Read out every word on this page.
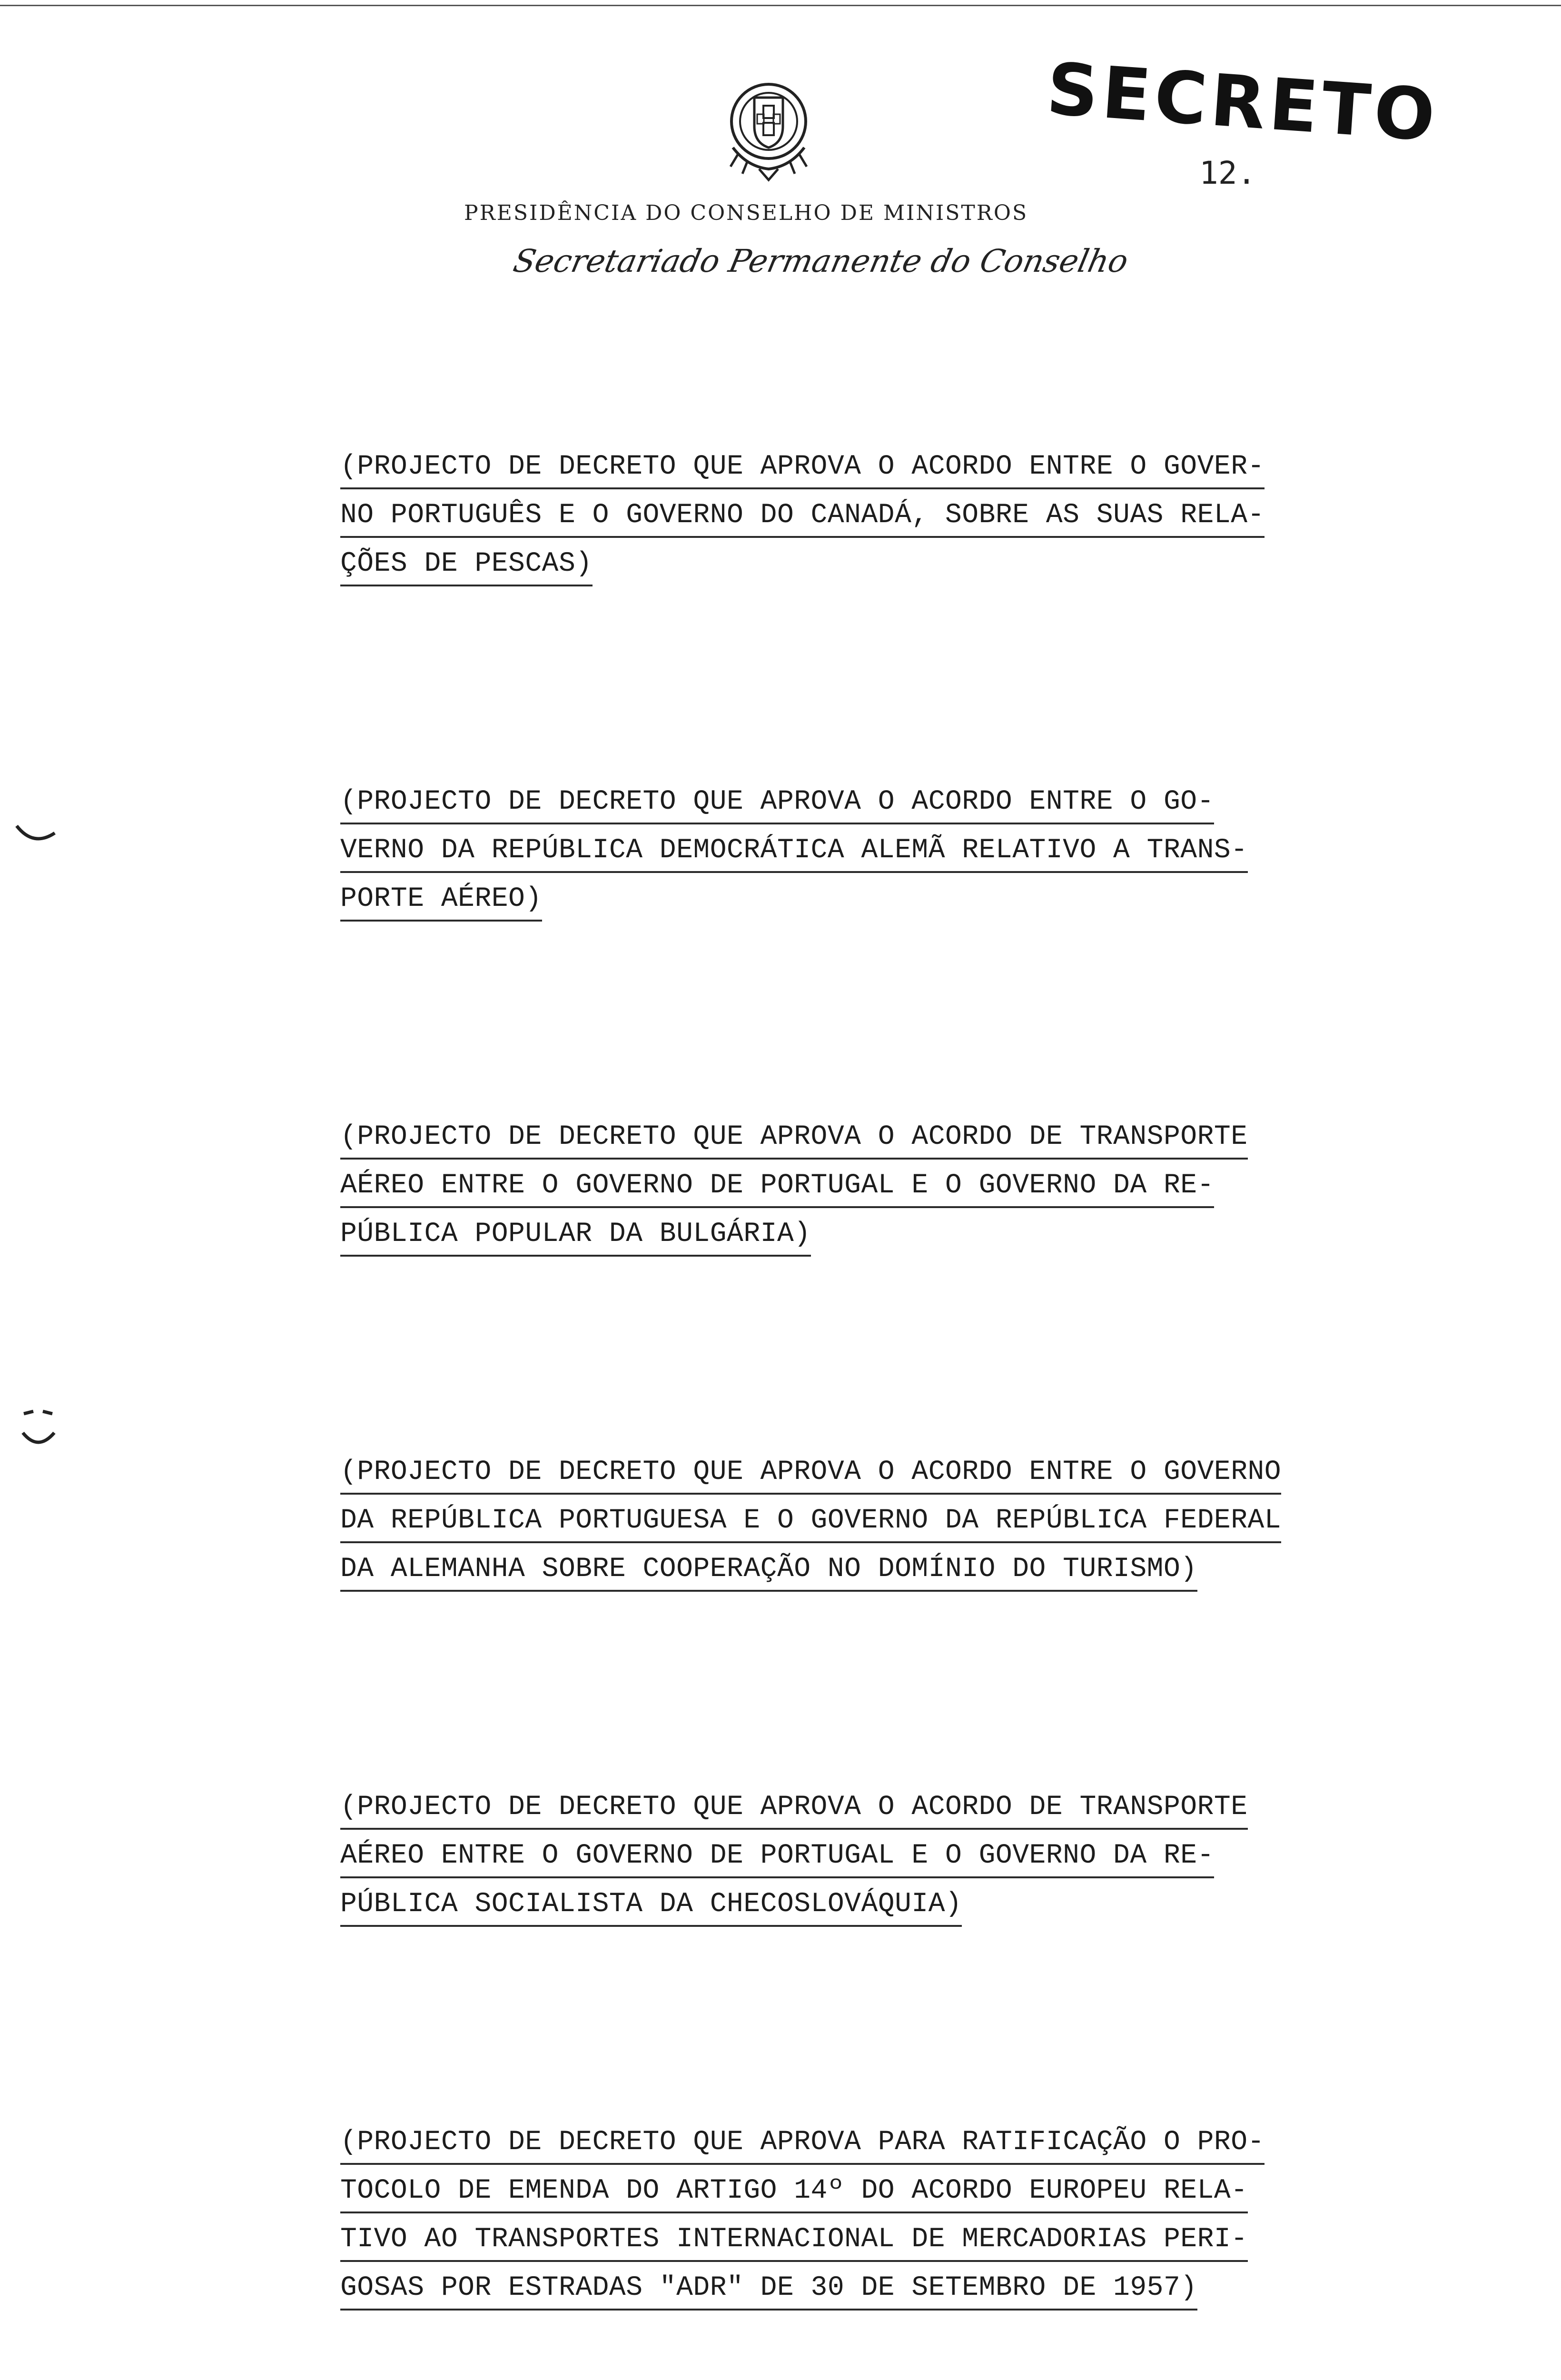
SECRETO
12.
PRESIDÊNCIA DO CONSELHO DE MINISTROS
Secretariado Permanente do Conselho
(PROJECTO DE DECRETO QUE APROVA O ACORDO ENTRE O GOVER-
NO PORTUGUÊS E O GOVERNO DO CANADÁ, SOBRE AS SUAS RELA-
ÇÕES DE PESCAS)
(PROJECTO DE DECRETO QUE APROVA O ACORDO ENTRE O GO-
VERNO DA REPÚBLICA DEMOCRÁTICA ALEMÃ RELATIVO A TRANS-
PORTE AÉREO)
(PROJECTO DE DECRETO QUE APROVA O ACORDO DE TRANSPORTE
AÉREO ENTRE O GOVERNO DE PORTUGAL E O GOVERNO DA RE-
PÚBLICA POPULAR DA BULGÁRIA)
(PROJECTO DE DECRETO QUE APROVA O ACORDO ENTRE O GOVERNO
DA REPÚBLICA PORTUGUESA E O GOVERNO DA REPÚBLICA FEDERAL
DA ALEMANHA SOBRE COOPERAÇÃO NO DOMÍNIO DO TURISMO)
(PROJECTO DE DECRETO QUE APROVA O ACORDO DE TRANSPORTE
AÉREO ENTRE O GOVERNO DE PORTUGAL E O GOVERNO DA RE-
PÚBLICA SOCIALISTA DA CHECOSLOVÁQUIA)
(PROJECTO DE DECRETO QUE APROVA PARA RATIFICAÇÃO O PRO-
TOCOLO DE EMENDA DO ARTIGO 14º DO ACORDO EUROPEU RELA-
TIVO AO TRANSPORTES INTERNACIONAL DE MERCADORIAS PERI-
GOSAS POR ESTRADAS "ADR" DE 30 DE SETEMBRO DE 1957)
